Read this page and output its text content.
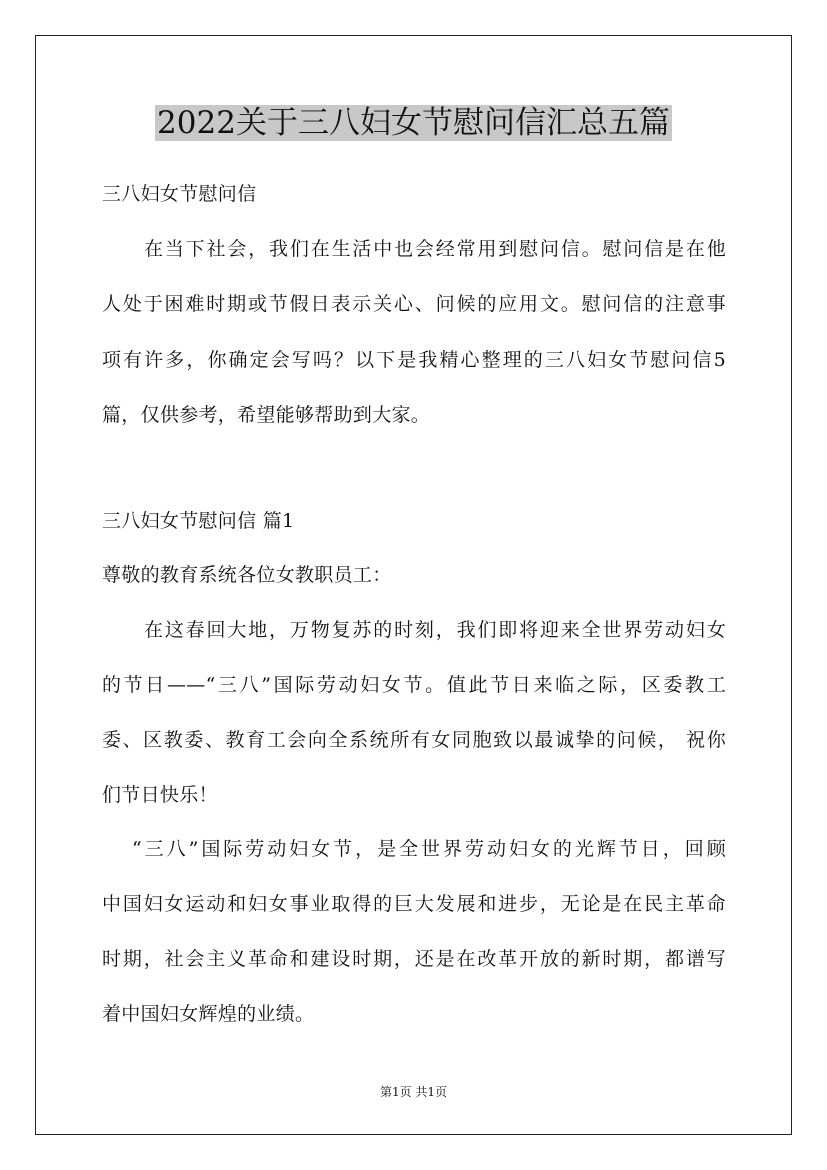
2022关于三八妇女节慰问信汇总五篇
三八妇女节慰问信
在当下社会，我们在生活中也会经常用到慰问信。慰问信是在他
人处于困难时期或节假日表示关心、问候的应用文。慰问信的注意事
项有许多，你确定会写吗？以下是我精心整理的三八妇女节慰问信5
篇，仅供参考，希望能够帮助到大家。
三八妇女节慰问信 篇1
尊敬的教育系统各位女教职员工：
在这春回大地，万物复苏的时刻，我们即将迎来全世界劳动妇女
的节日——“三八”国际劳动妇女节。值此节日来临之际，区委教工
委、区教委、教育工会向全系统所有女同胞致以最诚挚的问候， 祝你
们节日快乐！
“三八”国际劳动妇女节，是全世界劳动妇女的光辉节日，回顾
中国妇女运动和妇女事业取得的巨大发展和进步，无论是在民主革命
时期，社会主义革命和建设时期，还是在改革开放的新时期，都谱写
着中国妇女辉煌的业绩。
第1页 共1页
